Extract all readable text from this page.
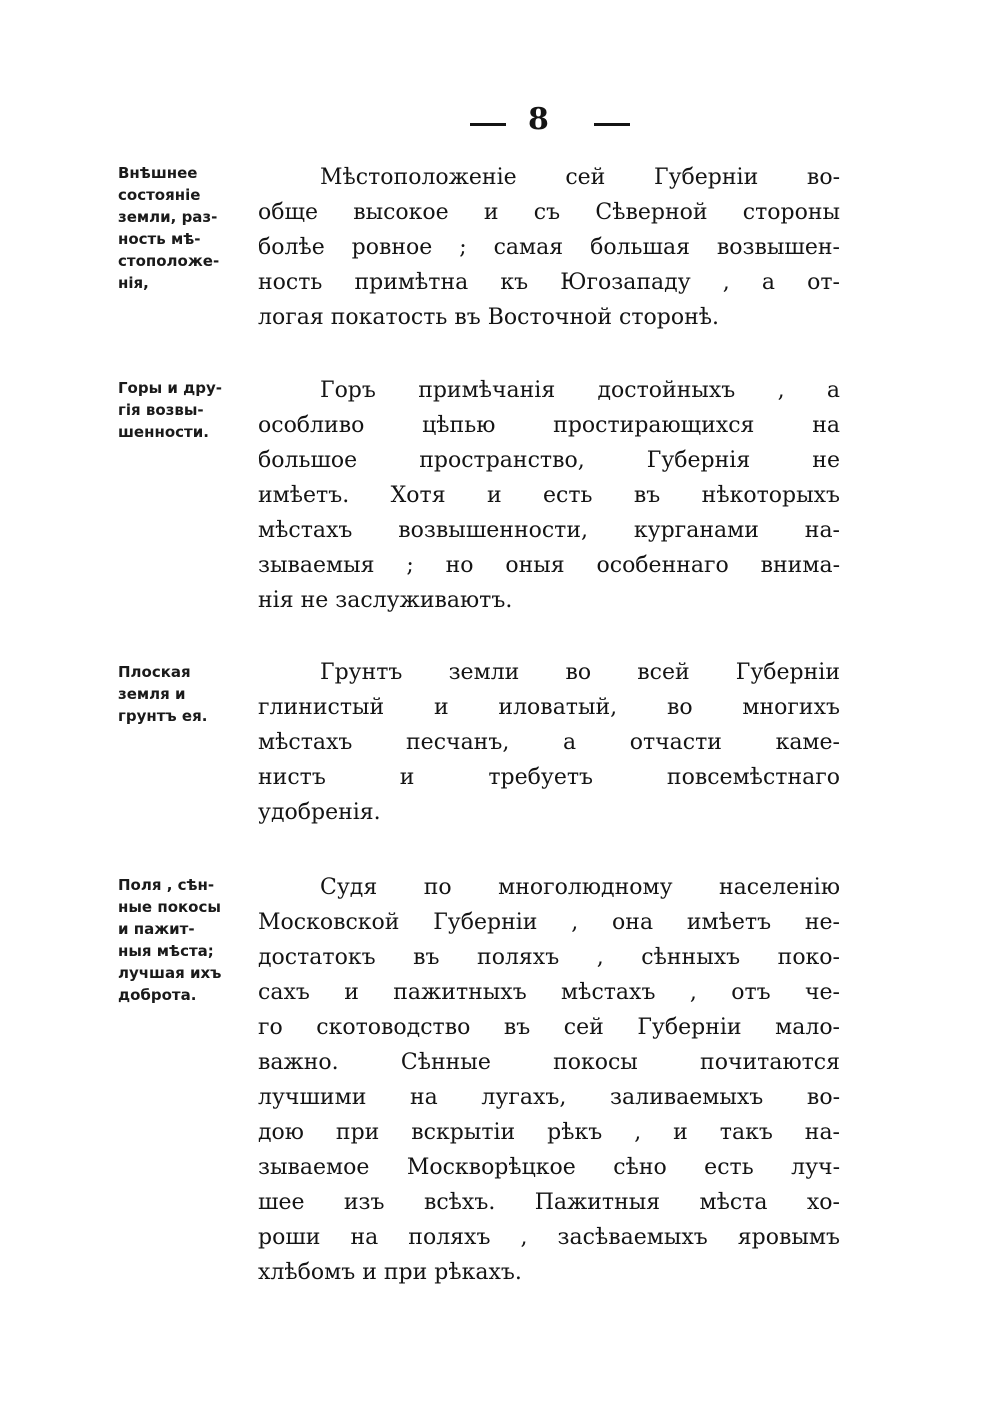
8
Внѣшнее
состоянiе
земли, раз-
ность мѣ-
стоположе-
нiя,
Мѣстоположенiе сей Губернiи во-
обще высокое и съ Сѣверной стороны
болѣе ровное ; самая большая возвышен-
ность примѣтна къ Югозападу , а от-
логая покатость въ Восточной сторонѣ.
Горы и дру-
гiя возвы-
шенности.
Горъ примѣчанiя достойныхъ , а
особливо цѣпью простирающихся на
большое пространство, Губернiя не
имѣетъ. Хотя и есть въ нѣкоторыхъ
мѣстахъ возвышенности, курганами на-
зываемыя ; но оныя особеннаго внима-
нiя не заслуживаютъ.
Плоская
земля и
грунтъ ея.
Грунтъ земли во всей Губернiи
глинистый и иловатый, во многихъ
мѣстахъ песчанъ, а отчасти каме-
нистъ и требуетъ повсемѣстнаго
удобренiя.
Поля , сѣн-
ные покосы
и пажит-
ныя мѣста;
лучшая ихъ
доброта.
Судя по многолюдному населенiю
Московской Губернiи , она имѣетъ не-
достатокъ въ поляхъ , сѣнныхъ поко-
сахъ и пажитныхъ мѣстахъ , отъ че-
го скотоводство въ сей Губернiи мало-
важно. Сѣнные покосы почитаются
лучшими на лугахъ, заливаемыхъ во-
дою при вскрытiи рѣкъ , и такъ на-
зываемое Москворѣцкое сѣно есть луч-
шее изъ всѣхъ. Пажитныя мѣста хо-
роши на поляхъ , засѣваемыхъ яровымъ
хлѣбомъ и при рѣкахъ.
